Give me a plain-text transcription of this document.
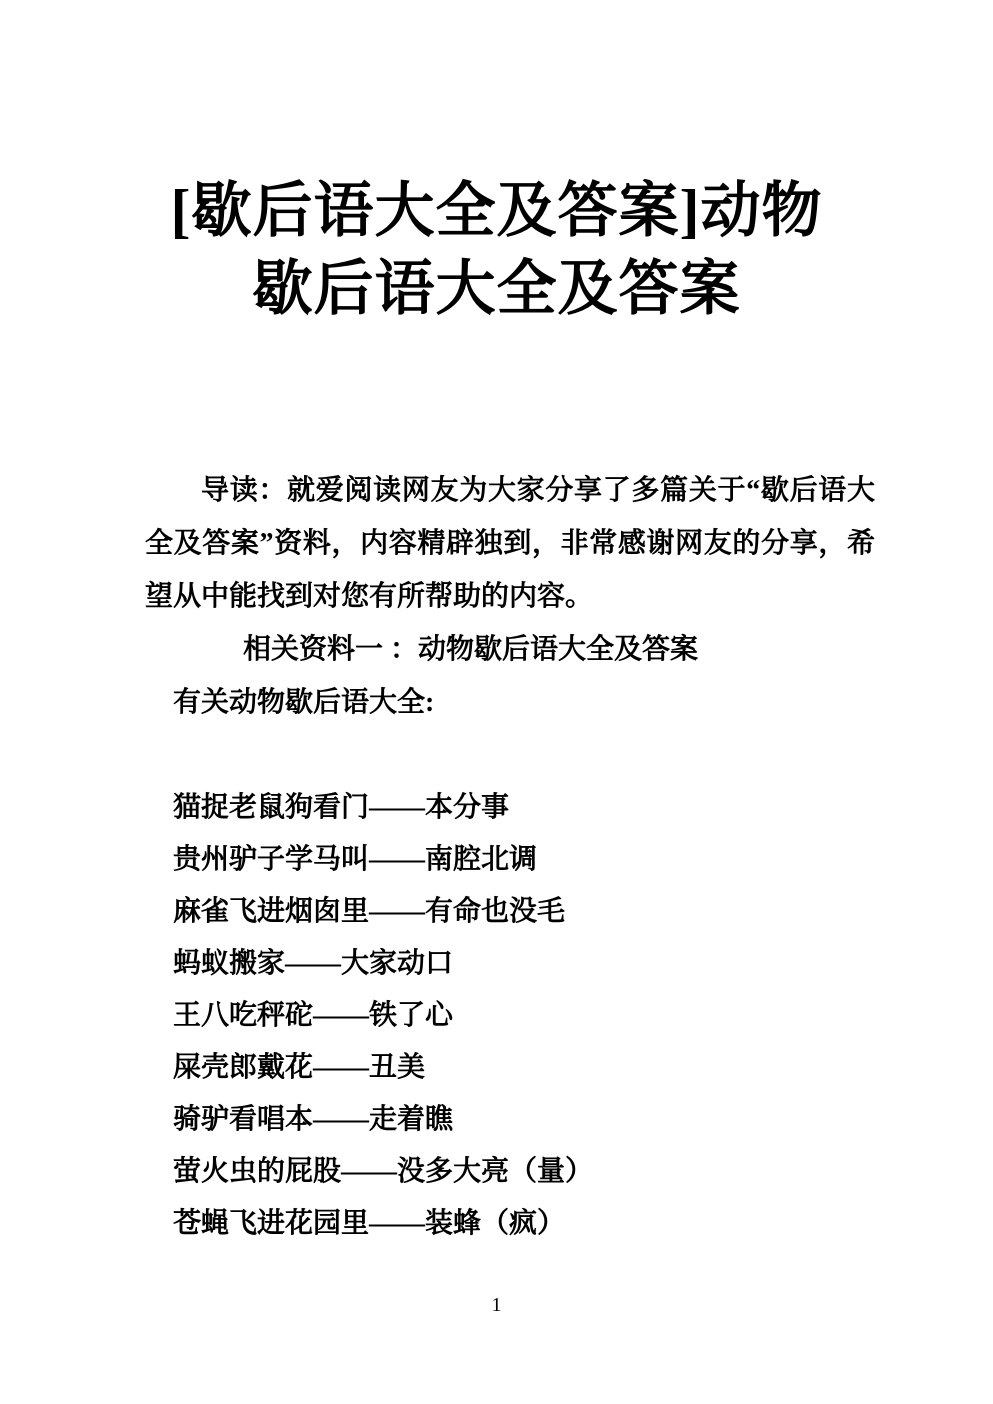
[歇后语大全及答案]动物
歇后语大全及答案

导读：就爱阅读网友为大家分享了多篇关于“歇后语大

全及答案”资料，内容精辟独到，非常感谢网友的分享，希

望从中能找到对您有所帮助的内容。

相关资料一 ：动物歇后语大全及答案

有关动物歇后语大全:

猫捉老鼠狗看门——本分事

贵州驴子学马叫——南腔北调

麻雀飞进烟囱里——有命也没毛

蚂蚁搬家——大家动口

王八吃秤砣——铁了心

屎壳郎戴花——丑美

骑驴看唱本——走着瞧

萤火虫的屁股——没多大亮（量）

苍蝇飞进花园里——装蜂（疯）

1
